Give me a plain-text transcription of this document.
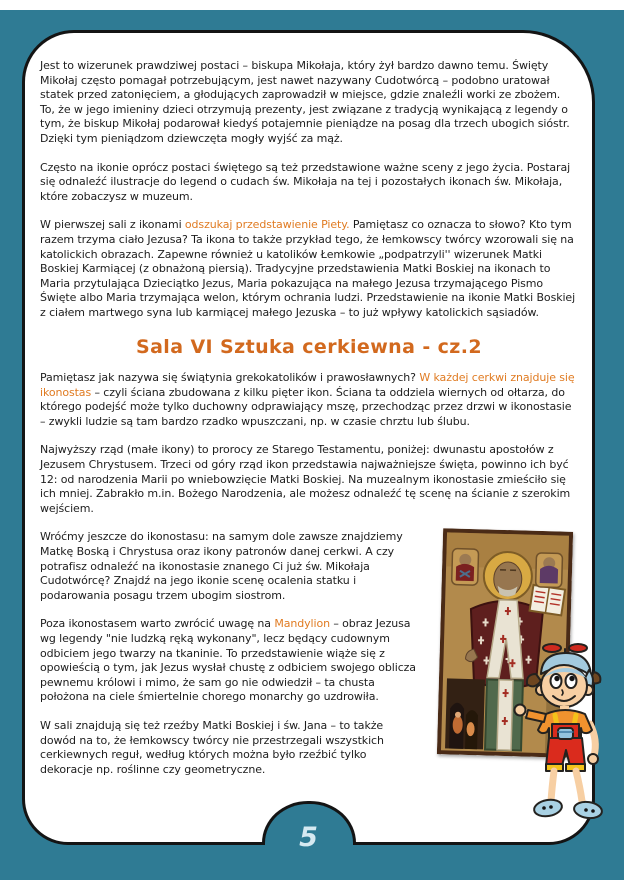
Jest to wizerunek prawdziwej postaci – biskupa Mikołaja, który żył bardzo dawno temu. Święty Mikołaj często pomagał potrzebującym, jest nawet nazywany Cudotwórcą – podobno uratował statek przed zatonięciem, a głodujących zaprowadził w miejsce, gdzie znaleźli worki ze zbożem. To, że w jego imieniny dzieci otrzymują prezenty, jest związane z tradycją wynikającą z legendy o tym, że biskup Mikołaj podarował kiedyś potajemnie pieniądze na posag dla trzech ubogich sióstr. Dzięki tym pieniądzom dziewczęta mogły wyjść za mąż.

Często na ikonie oprócz postaci świętego są też przedstawione ważne sceny z jego życia. Postaraj się odnaleźć ilustracje do legend o cudach św. Mikołaja na tej i pozostałych ikonach św. Mikołaja, które zobaczysz w muzeum.

W pierwszej sali z ikonami odszukaj przedstawienie Piety. Pamiętasz co oznacza to słowo? Kto tym razem trzyma ciało Jezusa? Ta ikona to także przykład tego, że łemkowscy twórcy wzorowali się na katolickich obrazach. Zapewne również u katolików Łemkowie „podpatrzyli'' wizerunek Matki Boskiej Karmiącej (z obnażoną piersią). Tradycyjne przedstawienia Matki Boskiej na ikonach to Maria przytulająca Dzieciątko Jezus, Maria pokazująca na małego Jezusa trzymającego Pismo Święte albo Maria trzymająca welon, którym ochrania ludzi. Przedstawienie na ikonie Matki Boskiej z ciałem martwego syna lub karmiącej małego Jezuska – to już wpływy katolickich sąsiadów.

Sala VI Sztuka cerkiewna - cz.2

Pamiętasz jak nazywa się świątynia grekokatolików i prawosławnych? W każdej cerkwi znajduje się ikonostas – czyli ściana zbudowana z kilku pięter ikon. Ściana ta oddziela wiernych od ołtarza, do którego podejść może tylko duchowny odprawiający mszę, przechodząc przez drzwi w ikonostasie – zwykli ludzie są tam bardzo rzadko wpuszczani, np. w czasie chrztu lub ślubu.

Najwyższy rząd (małe ikony) to prorocy ze Starego Testamentu, poniżej: dwunastu apostołów z Jezusem Chrystusem. Trzeci od góry rząd ikon przedstawia najważniejsze święta, powinno ich być 12: od narodzenia Marii po wniebowzięcie Matki Boskiej. Na muzealnym ikonostasie zmieściło się ich mniej. Zabrakło m.in. Bożego Narodzenia, ale możesz odnaleźć tę scenę na ścianie z szerokim wejściem.

Wróćmy jeszcze do ikonostasu: na samym dole zawsze znajdziemy Matkę Boską i Chrystusa oraz ikony patronów danej cerkwi. A czy potrafisz odnaleźć na ikonostasie znanego Ci już św. Mikołaja Cudotwórcę? Znajdź na jego ikonie scenę ocalenia statku i podarowania posagu trzem ubogim siostrom.

Poza ikonostasem warto zwrócić uwagę na Mandylion – obraz Jezusa wg legendy "nie ludzką ręką wykonany", lecz będący cudownym odbiciem jego twarzy na tkaninie. To przedstawienie wiąże się z opowieścią o tym, jak Jezus wysłał chustę z odbiciem swojego oblicza pewnemu królowi i mimo, że sam go nie odwiedził – ta chusta położona na ciele śmiertelnie chorego monarchy go uzdrowiła.

W sali znajdują się też rzeźby Matki Boskiej i św. Jana – to także dowód na to, że łemkowscy twórcy nie przestrzegali wszystkich cerkiewnych reguł, według których można było rzeźbić tylko dekoracje np. roślinne czy geometryczne.

5
